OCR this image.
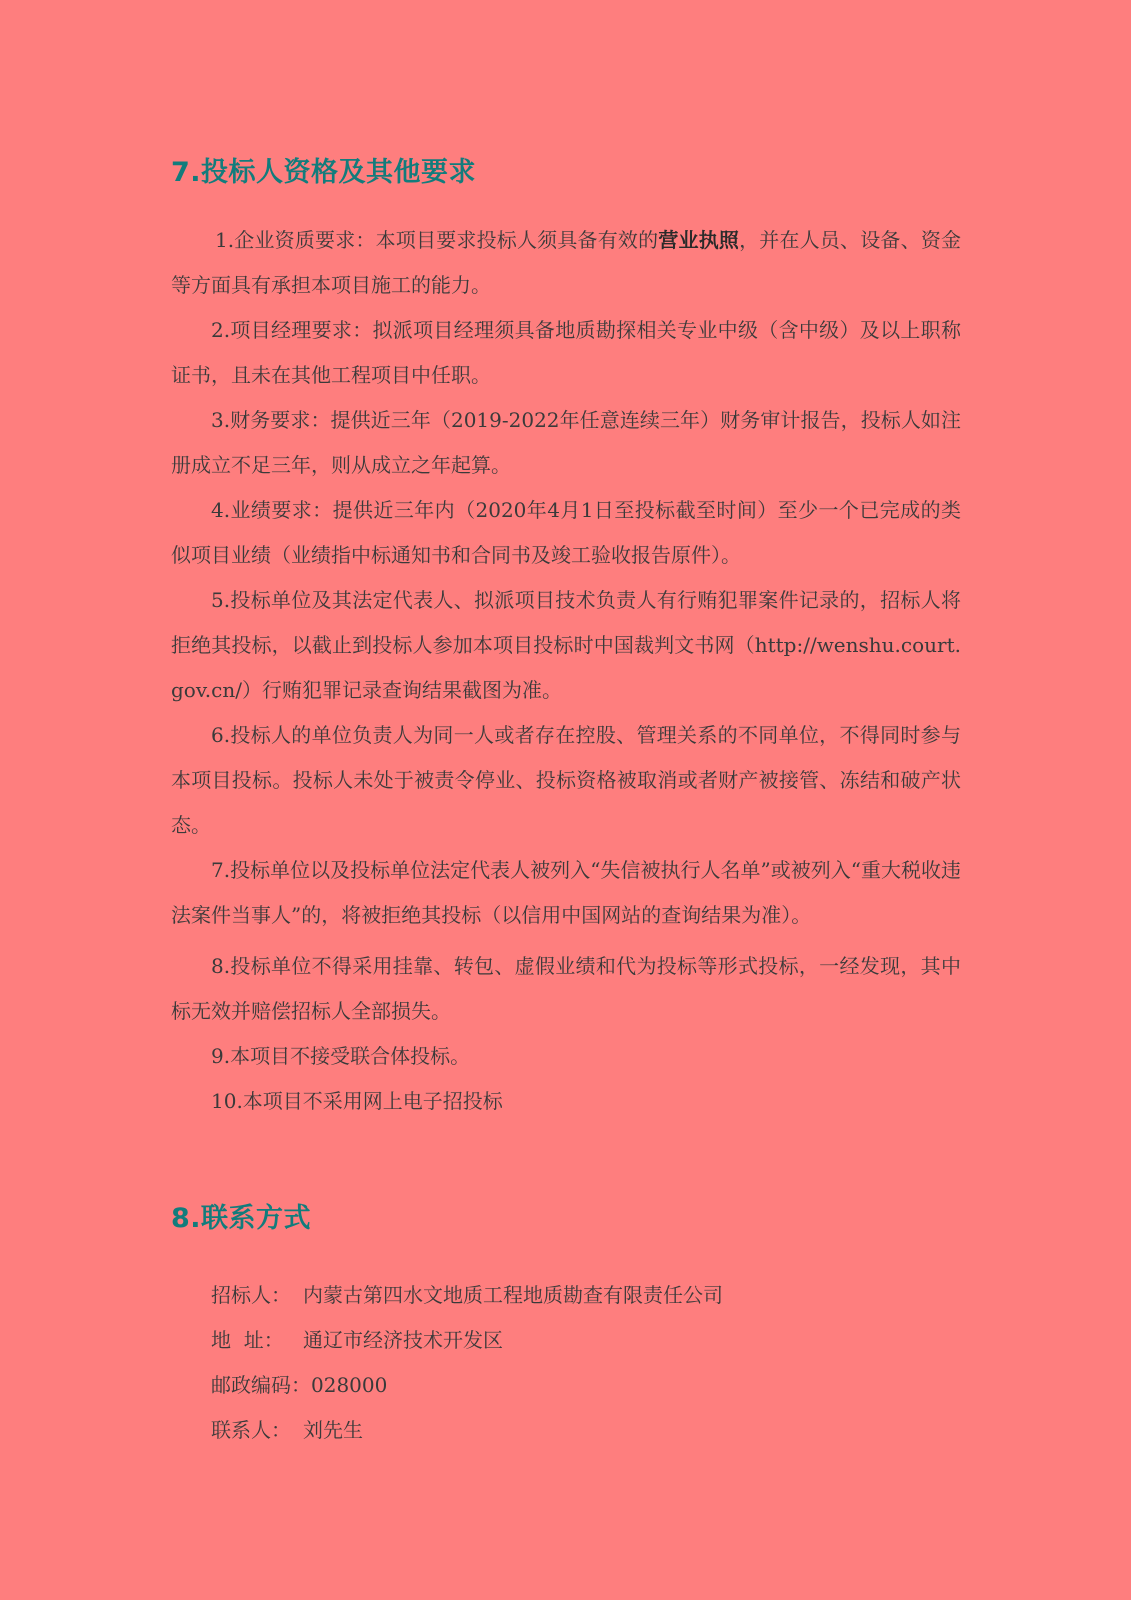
7.投标人资格及其他要求

1.企业资质要求：本项目要求投标人须具备有效的营业执照，并在人员、设备、资金等方面具有承担本项目施工的能力。

2.项目经理要求：拟派项目经理须具备地质勘探相关专业中级（含中级）及以上职称证书，且未在其他工程项目中任职。

3.财务要求：提供近三年（2019-2022年任意连续三年）财务审计报告，投标人如注册成立不足三年，则从成立之年起算。

4.业绩要求：提供近三年内（2020年4月1日至投标截至时间）至少一个已完成的类似项目业绩（业绩指中标通知书和合同书及竣工验收报告原件）。

5.投标单位及其法定代表人、拟派项目技术负责人有行贿犯罪案件记录的，招标人将拒绝其投标，以截止到投标人参加本项目投标时中国裁判文书网（http://wenshu.court.gov.cn/）行贿犯罪记录查询结果截图为准。

6.投标人的单位负责人为同一人或者存在控股、管理关系的不同单位，不得同时参与本项目投标。投标人未处于被责令停业、投标资格被取消或者财产被接管、冻结和破产状态。

7.投标单位以及投标单位法定代表人被列入“失信被执行人名单”或被列入“重大税收违法案件当事人”的，将被拒绝其投标（以信用中国网站的查询结果为准）。

8.投标单位不得采用挂靠、转包、虚假业绩和代为投标等形式投标，一经发现，其中标无效并赔偿招标人全部损失。

9.本项目不接受联合体投标。

10.本项目不采用网上电子招投标

8.联系方式

招标人： 内蒙古第四水文地质工程地质勘查有限责任公司

地  址： 通辽市经济技术开发区

邮政编码：028000

联系人： 刘先生
